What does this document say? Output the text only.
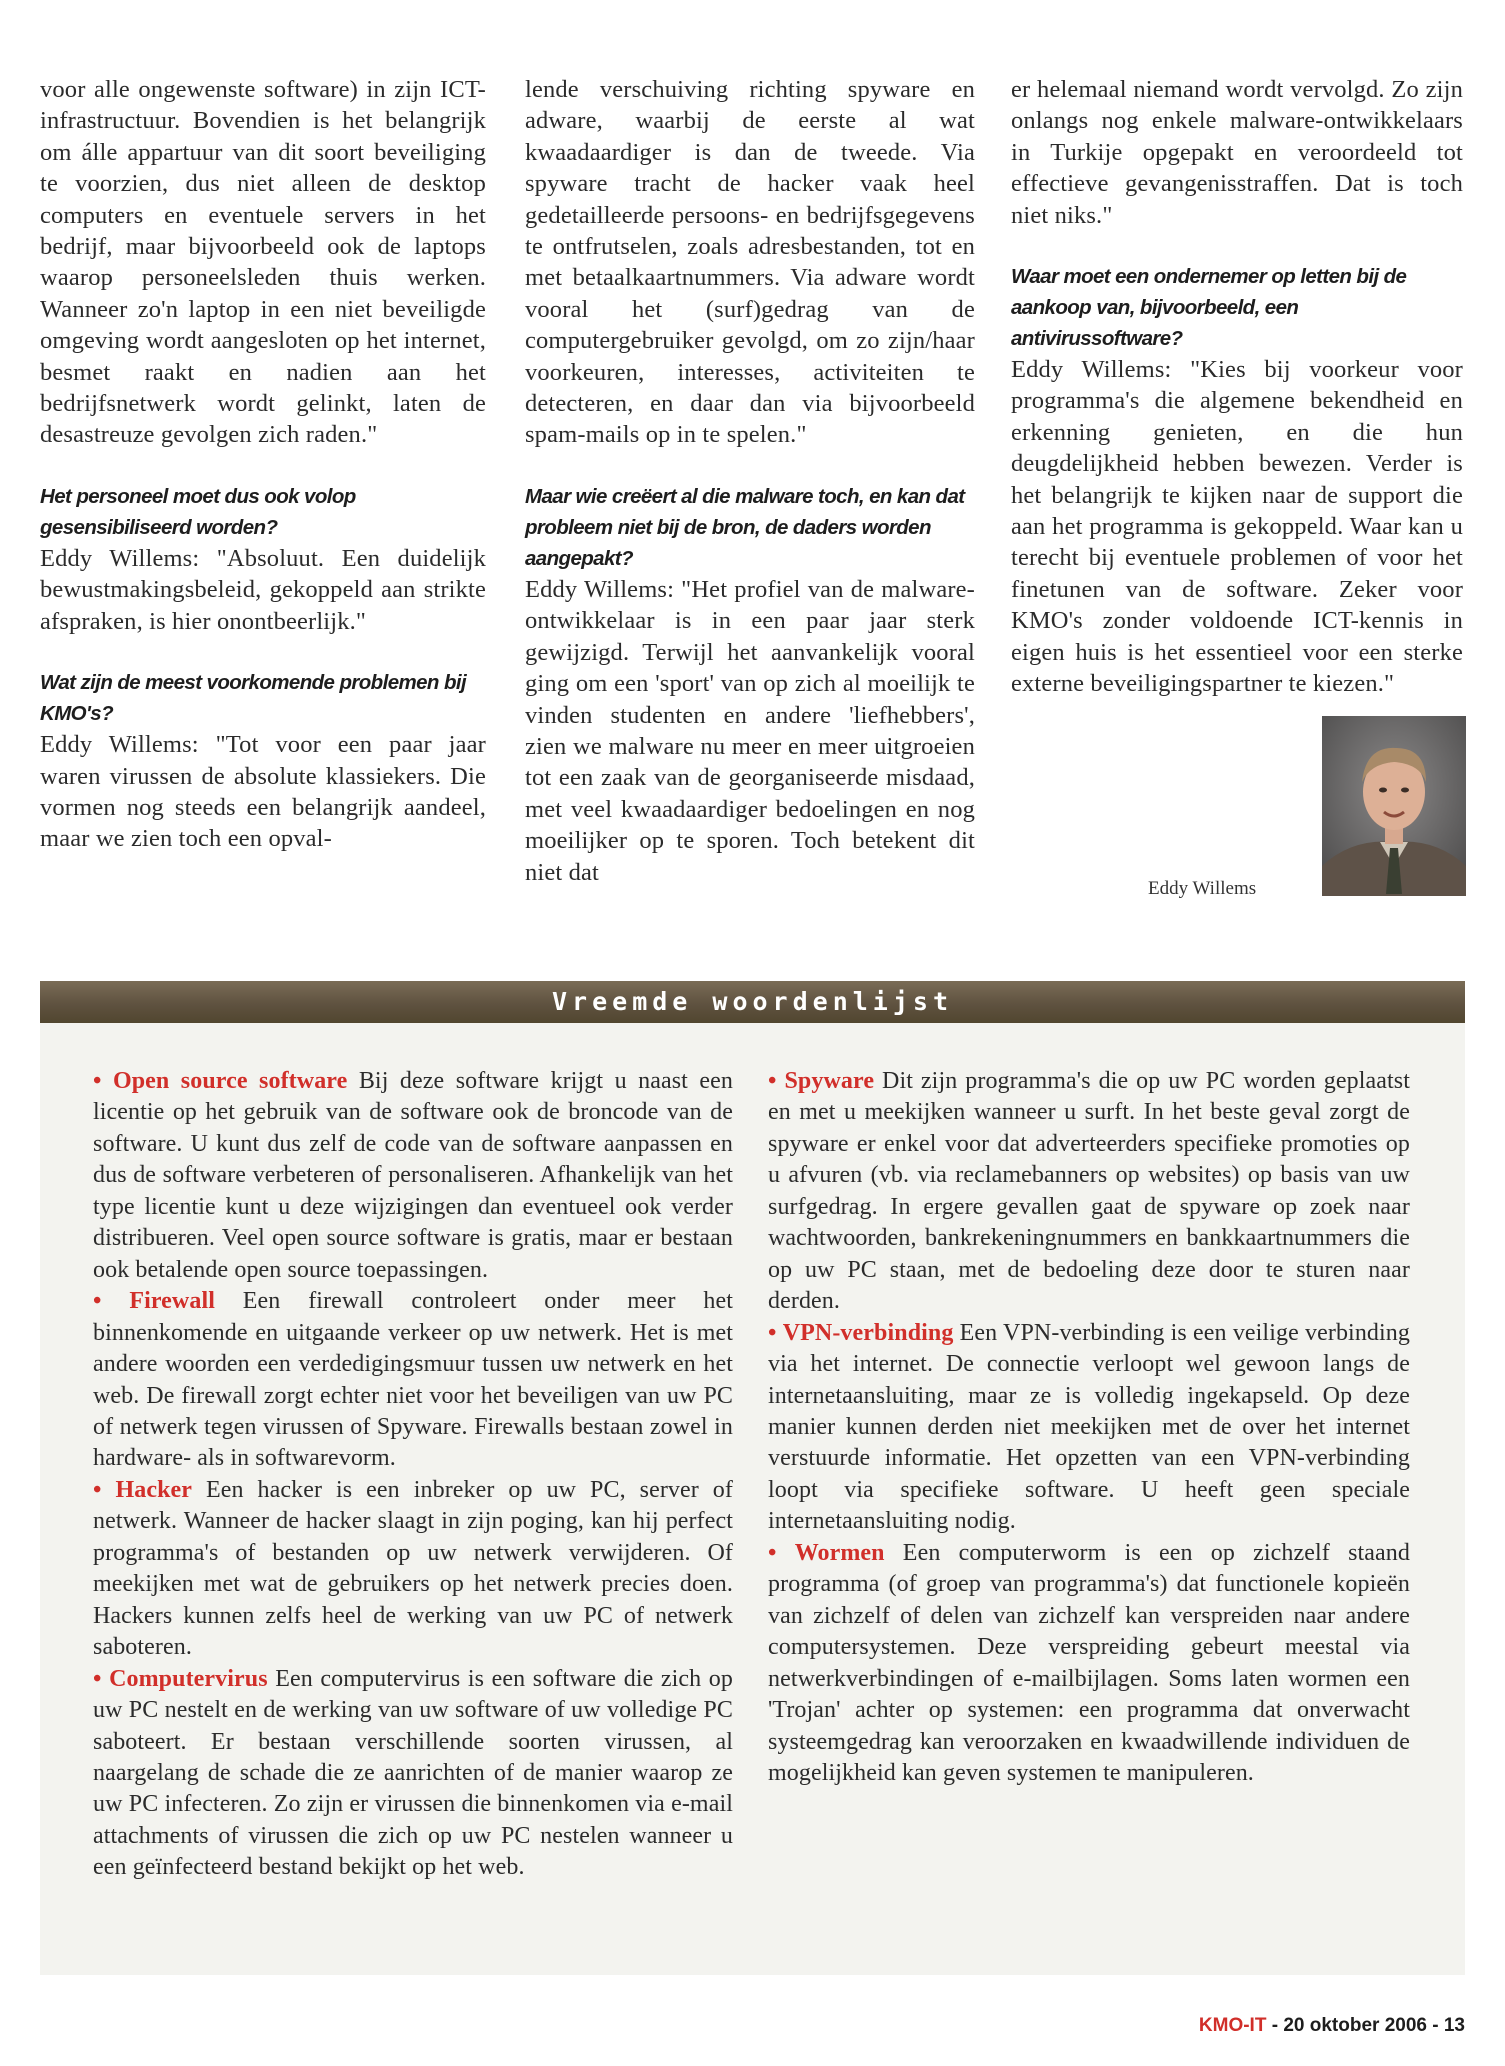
voor alle ongewenste software) in zijn ICT-infrastructuur. Bovendien is het belangrijk om álle appartuur van dit soort beveiliging te voorzien, dus niet alleen de desktop computers en eventuele servers in het bedrijf, maar bijvoorbeeld ook de laptops waarop personeelsleden thuis werken. Wanneer zo'n laptop in een niet beveiligde omgeving wordt aangesloten op het internet, besmet raakt en nadien aan het bedrijfsnetwerk wordt gelinkt, laten de desastreuze gevolgen zich raden."

Het personeel moet dus ook volop gesensibiliseerd worden?

Eddy Willems: "Absoluut. Een duidelijk bewustmakingsbeleid, gekoppeld aan strikte afspraken, is hier onontbeerlijk."

Wat zijn de meest voorkomende problemen bij KMO's?

Eddy Willems: "Tot voor een paar jaar waren virussen de absolute klassiekers. Die vormen nog steeds een belangrijk aandeel, maar we zien toch een opval-

lende verschuiving richting spyware en adware, waarbij de eerste al wat kwaadaardiger is dan de tweede. Via spyware tracht de hacker vaak heel gedetailleerde persoons- en bedrijfsgegevens te ontfrutselen, zoals adresbestanden, tot en met betaalkaartnummers. Via adware wordt vooral het (surf)gedrag van de computergebruiker gevolgd, om zo zijn/haar voorkeuren, interesses, activiteiten te detecteren, en daar dan via bijvoorbeeld spam-mails op in te spelen."

Maar wie creëert al die malware toch, en kan dat probleem niet bij de bron, de daders worden aangepakt?

Eddy Willems: "Het profiel van de malware-ontwikkelaar is in een paar jaar sterk gewijzigd. Terwijl het aanvankelijk vooral ging om een 'sport' van op zich al moeilijk te vinden studenten en andere 'liefhebbers', zien we malware nu meer en meer uitgroeien tot een zaak van de georganiseerde misdaad, met veel kwaadaardiger bedoelingen en nog moeilijker op te sporen. Toch betekent dit niet dat

er helemaal niemand wordt vervolgd. Zo zijn onlangs nog enkele malware-ontwikkelaars in Turkije opgepakt en veroordeeld tot effectieve gevangenisstraffen. Dat is toch niet niks."

Waar moet een ondernemer op letten bij de aankoop van, bijvoorbeeld, een antivirussoftware?

Eddy Willems: "Kies bij voorkeur voor programma's die algemene bekendheid en erkenning genieten, en die hun deugdelijkheid hebben bewezen. Verder is het belangrijk te kijken naar de support die aan het programma is gekoppeld. Waar kan u terecht bij eventuele problemen of voor het finetunen van de software. Zeker voor KMO's zonder voldoende ICT-kennis in eigen huis is het essentieel voor een sterke externe beveiligingspartner te kiezen."

Eddy Willems
Vreemde woordenlijst

• Open source software Bij deze software krijgt u naast een licentie op het gebruik van de software ook de broncode van de software. U kunt dus zelf de code van de software aanpassen en dus de software verbeteren of personaliseren. Afhankelijk van het type licentie kunt u deze wijzigingen dan eventueel ook verder distribueren. Veel open source software is gratis, maar er bestaan ook betalende open source toepassingen.

• Firewall Een firewall controleert onder meer het binnenkomende en uitgaande verkeer op uw netwerk. Het is met andere woorden een verdedigingsmuur tussen uw netwerk en het web. De firewall zorgt echter niet voor het beveiligen van uw PC of netwerk tegen virussen of Spyware. Firewalls bestaan zowel in hardware- als in softwarevorm.

• Hacker Een hacker is een inbreker op uw PC, server of netwerk. Wanneer de hacker slaagt in zijn poging, kan hij perfect programma's of bestanden op uw netwerk verwijderen. Of meekijken met wat de gebruikers op het netwerk precies doen. Hackers kunnen zelfs heel de werking van uw PC of netwerk saboteren.

• Computervirus Een computervirus is een software die zich op uw PC nestelt en de werking van uw software of uw volledige PC saboteert. Er bestaan verschillende soorten virussen, al naargelang de schade die ze aanrichten of de manier waarop ze uw PC infecteren. Zo zijn er virussen die binnenkomen via e-mail attachments of virussen die zich op uw PC nestelen wanneer u een geïnfecteerd bestand bekijkt op het web.

• Spyware Dit zijn programma's die op uw PC worden geplaatst en met u meekijken wanneer u surft. In het beste geval zorgt de spyware er enkel voor dat adverteerders specifieke promoties op u afvuren (vb. via reclamebanners op websites) op basis van uw surfgedrag. In ergere gevallen gaat de spyware op zoek naar wachtwoorden, bankrekeningnummers en bankkaartnummers die op uw PC staan, met de bedoeling deze door te sturen naar derden.

• VPN-verbinding Een VPN-verbinding is een veilige verbinding via het internet. De connectie verloopt wel gewoon langs de internetaansluiting, maar ze is volledig ingekapseld. Op deze manier kunnen derden niet meekijken met de over het internet verstuurde informatie. Het opzetten van een VPN-verbinding loopt via specifieke software. U heeft geen speciale internetaansluiting nodig.

• Wormen Een computerworm is een op zichzelf staand programma (of groep van programma's) dat functionele kopieën van zichzelf of delen van zichzelf kan verspreiden naar andere computersystemen. Deze verspreiding gebeurt meestal via netwerkverbindingen of e-mailbijlagen. Soms laten wormen een 'Trojan' achter op systemen: een programma dat onverwacht systeemgedrag kan veroorzaken en kwaadwillende individuen de mogelijkheid kan geven systemen te manipuleren.

KMO-IT - 20 oktober 2006 - 13
